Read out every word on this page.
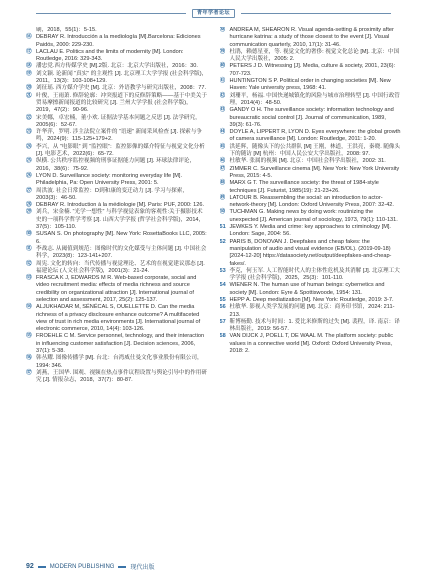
青年学者论坛
刷，2018，55(1)：5-15.
⑯ DEBRAY R. Introducción a la mediología [M].Barcelona: Ediciones Paidós, 2000: 229-230.
⑰ LACLAU E. Politics and the limits of modernity [M]. London: Routledge, 2016: 329-343.
⑱ 潘忠党.西方传媒学史 [M].2版. 北京：北京大学出版社，2016：30.
⑲ 刘文颖. 论新闻 “真实” 的主观性 [J]. 北京理工大学学报 (社会科学版)，2011，13(3)：103-108+129.
⑳ 刘征瑶. 西方媒介学史 [M]. 北京：外语教学与研究出版社，2008：77.
㉑ 叶俊，王雨萧. 修辞轮廓：冲突报道下的反修辞策略——基于中美关于贸易摩擦新闻报道的比较研究 [J]. 兰州大学学报 (社会科学版)，2019，47(2)：90-96.
㉒ 宋美娜，卓宏楠，董小欢. 证据法学基本问题之反思 [J]. 法学研究，2005(6)：52-67.
㉓ 许华萍，罗明. 涉主法院立案件的 “语速” 新闻采风检查 [J]. 探索与争鸣，2024(9)：115-125+179+2.
㉔ 李兴，从 “电影眼” 到 “监控眼”：监控影像的媒介特征与视觉文化分析 [J]. 电影艺术，2022(6)：65-72.
㉕ 纵横. 公共秩序监控视频的刑事证据能力问题 [J]. 环球法律评论，2016，38(6)：75-92.
㉖ LYON D. Surveillance society: monitoring everyday life [M]. Philadelphia, Pa: Open University Press, 2001: 5.
㉗ 周洪波. 社会日常监控：D到和康的变迁动力 [J]. 学习与探索，2003(3)：46-50.
㉘ DEBRAY R. Introduction à la médiologie [M]. Paris: PUF, 2000: 126.
㉙ 刘兵，宋金楠. “光学一想性” 与科学视觉表象的客观性:关于摄影技术史的一项科学哲学考察 [J]. 山西大学学报 (哲学社会科学版)，2014，37(5)：105-110.
㉚ SUSAN S. On photography [M]. New York: RosettaBooks LLC, 2005: 6.
㉛ 李战志. 从阈值到规范：图像时代的文化媒受与主体问题 [J]. 中国社会科学，2023(8)：123-141+207.
㉜ 周宪. 文化的转向：当代传播与视觉理论、艺术的在视觉建议那态 [J]. 福建论坛 (人文社会科学版)，2001(3)：21-24.
㉝ FRASCA K J, EDWARDS M R. Web-based corporate, social and video recruitment media: effects of media richness and source credibility on organizational attraction [J]. International journal of selection and assessment, 2017, 25(2): 125-137.
㉞ ALJUKHADAR M, SÉNÉCAL S, OUELLETTE D. Can the media richness of a privacy disclosure enhance outcome? A multifaceted view of trust in rich media environments [J]. International journal of electronic commerce, 2010, 14(4): 103-126.
㉟ FROEHLE C M. Service personnel, technology, and their interaction in influencing customer satisfaction [J]. Decision sciences, 2006, 37(1): 5-38.
㊱ 韩丛耀. 图像传播学 [M]. 台北：台湾威仕曼文化事业股份有限公司，1994: 346.
㊲ 刘燕，王国华. 围观、视频在热点事件议程设置与舆论引导中的作用研究 [J]. 情报杂志，2018，37(7)：80-87.
㊳ ANDREA M, SHEARON R. Visual agenda-setting & proximity after hurricane katrina: a study of those closest to the event [J]. Visual communication quarterly, 2010, 17(1): 31-46.
㊴ 杜鹃，赖德星亚，等. 视觉文化的奢侈: 视觉文化总论 [M]. 北京：中国人民大学出版社，2005: 2.
㊵ PETERS J D. Witnessing [J]. Media, culture & society, 2001, 23(6): 707-723.
㊶ HUNTINGTON S P. Political order in changing societies [M]. New Haven: Yale university press, 1968: 41.
㊷ 刘珊平，杨福. 中国快递城镇化的风险与城市治理转型 [J]. 中国行政管理，2014(4)：48-50.
㊸ GANDY O H. The surveillance society: information technology and bureaucratic social control [J]. Journal of communication, 1989, 39(3): 61-76.
㊹ DOYLE A, LIPPERT R, LYON D. Eyes everywhere: the global growth of camera surveillance [M]. London: Routledge, 2011: 1-20.
㊺ 洪延辉，随像头下的公共群队 [M] 王刚，林道，王洪亮，秦晓. 随像头下的随访 [M] 杭州：中国人民公安大学出版社，2008: 97.
㊻ 杜敏华. 张属的视频 [M]. 北京：中国社会科学出版社，2002: 31.
㊼ ZIMMER C. Surveillance cinema [M]. New York: New York University Press, 2015: 4-5.
㊽ MARX G T. The surveillance society: the threat of 1984-style techniques [J]. Futurist, 1985(19): 21-23+26.
㊾ LATOUR B. Reassembling the social: an introduction to actor-network-theory [M]. London: Oxford University Press, 2007: 32-42.
㊿ TUCHMAN G. Making news by doing work: routinizing the unexpected [J]. American journal of sociology, 1973, 79(1): 110-131.
51 JEWKES Y. Media and crime: key approaches to criminology [M]. London: Sage, 2004: 56.
52 PARIS B, DONOVAN J. Deepfakes and cheap fakes: the manipulation of audio and visual evidence (EB/OL). (2019-09-18) [2024-12-20] https://datasociety.net/output/deepfakes-and-cheap-fakes/.
53 李克，何玉军. 人工智能时代人的主体性危机及其消解 [J]. 北京理工大学学报 (社会科学版)，2025，25(3)：101-110.
54 WIENER N. The human use of human beings: cybernetics and society [M]. London: Eyre & Spottiswoode, 1954: 131.
55 HEPP A. Deep mediatization [M]. New York: Routledge, 2019: 3-7.
56 杜敏华. 影视人类学发展的问题 [M]. 北京：商务印书馆，2024: 211-213.
57 靳博杨勤. 技术与时间：1. 爱比米修斯的过失 [M]. 裴程，译. 南京：译林出版社，2019: 56-57.
58 VAN DIJCK J, POELL T, DE WAAL M. The platform society: public values in a connective world [M]. Oxford: Oxford University Press, 2018: 2.
92	MODERN PUBLISHING	现代出版
